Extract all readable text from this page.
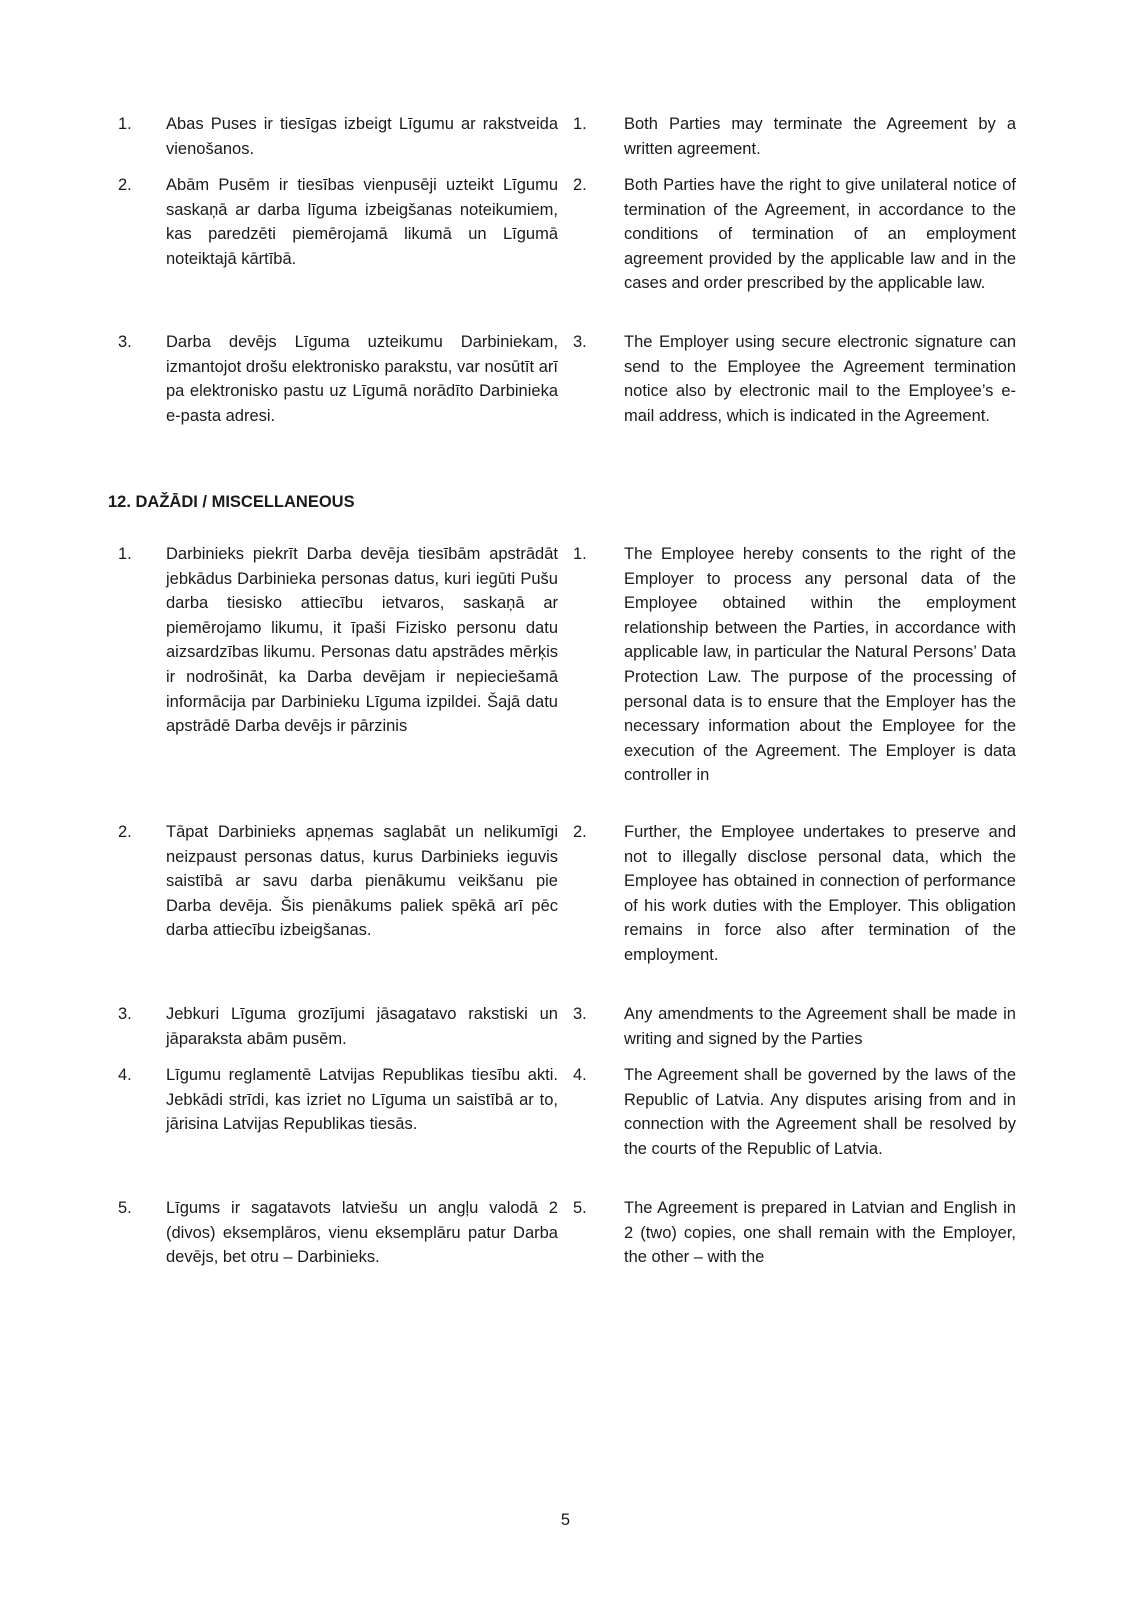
1.	Abas Puses ir tiesīgas izbeigt Līgumu ar rakstveida vienošanos.
1.	Both Parties may terminate the Agreement by a written agreement.
2.	Abām Pusēm ir tiesības vienpusēji uzteikt Līgumu saskaņā ar darba līguma izbeigšanas noteikumiem, kas paredzēti piemērojamā likumā un Līgumā noteiktajā kārtībā.
2.	Both Parties have the right to give unilateral notice of termination of the Agreement, in accordance to the conditions of termination of an employment agreement provided by the applicable law and in the cases and order prescribed by the applicable law.
3.	Darba devējs Līguma uzteikumu Darbiniekam, izmantojot drošu elektronisko parakstu, var nosūtīt arī pa elektronisko pastu uz Līgumā norādīto Darbinieka e-pasta adresi.
3.	The Employer using secure electronic signature can send to the Employee the Agreement termination notice also by electronic mail to the Employee’s e-mail address, which is indicated in the Agreement.
12. DAŽĀDI / MISCELLANEOUS
1.	Darbinieks piekrīt Darba devēja tiesībām apstrādāt jebkādus Darbinieka personas datus, kuri iegūti Pušu darba tiesisko attiecību ietvaros, saskaņā ar piemērojamo likumu, it īpaši Fizisko personu datu aizsardzības likumu. Personas datu apstrādes mērķis ir nodrošināt, ka Darba devējam ir nepieciešamā informācija par Darbinieku Līguma izpildei. Šajā datu apstrādē Darba devējs ir pārzinis
1.	The Employee hereby consents to the right of the Employer to process any personal data of the Employee obtained within the employment relationship between the Parties, in accordance with applicable law, in particular the Natural Persons’ Data Protection Law. The purpose of the processing of personal data is to ensure that the Employer has the necessary information about the Employee for the execution of the Agreement. The Employer is data controller in
2.	Tāpat Darbinieks apņemas saglabāt un nelikumīgi neizpaust personas datus, kurus Darbinieks ieguvis saistībā ar savu darba pienākumu veikšanu pie Darba devēja. Šis pienākums paliek spēkā arī pēc darba attiecību izbeigšanas.
2.	Further, the Employee undertakes to preserve and not to illegally disclose personal data, which the Employee has obtained in connection of performance of his work duties with the Employer. This obligation remains in force also after termination of the employment.
3.	Jebkuri Līguma grozījumi jāsagatavo rakstiski un jāparaksta abām pusēm.
3.	Any amendments to the Agreement shall be made in writing and signed by the Parties
4.	Līgumu reglamentē Latvijas Republikas tiesību akti. Jebkādi strīdi, kas izriet no Līguma un saistībā ar to, jārisina Latvijas Republikas tiesās.
4.	The Agreement shall be governed by the laws of the Republic of Latvia. Any disputes arising from and in connection with the Agreement shall be resolved by the courts of the Republic of Latvia.
5.	Līgums ir sagatavots latviešu un angļu valodā 2 (divos) eksemplāros, vienu eksemplāru patur Darba devējs, bet otru – Darbinieks.
5.	The Agreement is prepared in Latvian and English in 2 (two) copies, one shall remain with the Employer, the other – with the
5
